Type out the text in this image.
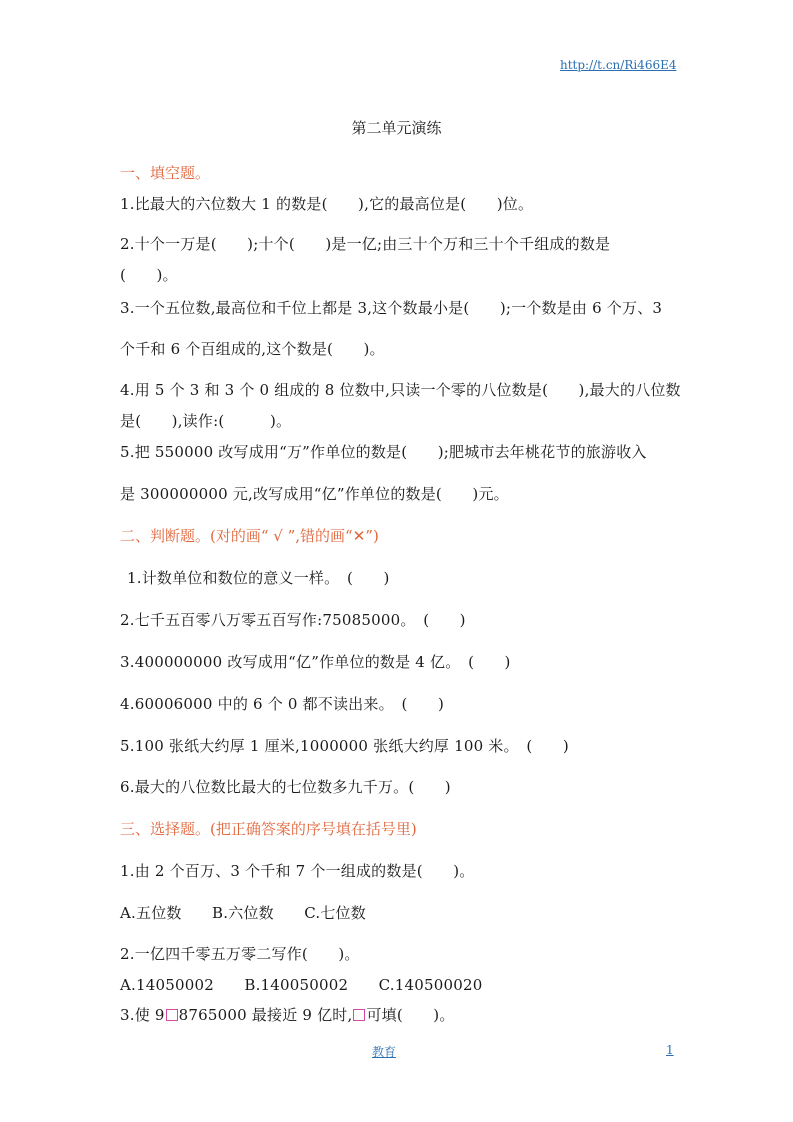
http://t.cn/Ri466E4
第二单元演练
一、填空题。
1.比最大的六位数大 1 的数是(　　),它的最高位是(　　)位。
2.十个一万是(　　);十个(　　)是一亿;由三十个万和三十个千组成的数是
(　　)。
3.一个五位数,最高位和千位上都是 3,这个数最小是(　　);一个数是由 6 个万、3
个千和 6 个百组成的,这个数是(　　)。
4.用 5 个 3 和 3 个 0 组成的 8 位数中,只读一个零的八位数是(　　),最大的八位数
是(　　),读作:(　　　)。
5.把 550000 改写成用“万”作单位的数是(　　);肥城市去年桃花节的旅游收入
是 300000000 元,改写成用“亿”作单位的数是(　　)元。
二、判断题。(对的画“ √ ”,错的画“✕”)
1.计数单位和数位的意义一样。　(　　)
2.七千五百零八万零五百写作:75085000。　(　　)
3.400000000 改写成用“亿”作单位的数是 4 亿。　(　　)
4.60006000 中的 6 个 0 都不读出来。　(　　)
5.100 张纸大约厚 1 厘米,1000000 张纸大约厚 100 米。　(　　)
6.最大的八位数比最大的七位数多九千万。(　　)
三、选择题。(把正确答案的序号填在括号里)
1.由 2 个百万、3 个千和 7 个一组成的数是(　　)。
A.五位数　　B.六位数　　C.七位数
2.一亿四千零五万零二写作(　　)。
A.14050002　　B.140050002　　C.140500020
3.使 9 8765000 最接近 9 亿时, 可填(　　)。
教育	1
